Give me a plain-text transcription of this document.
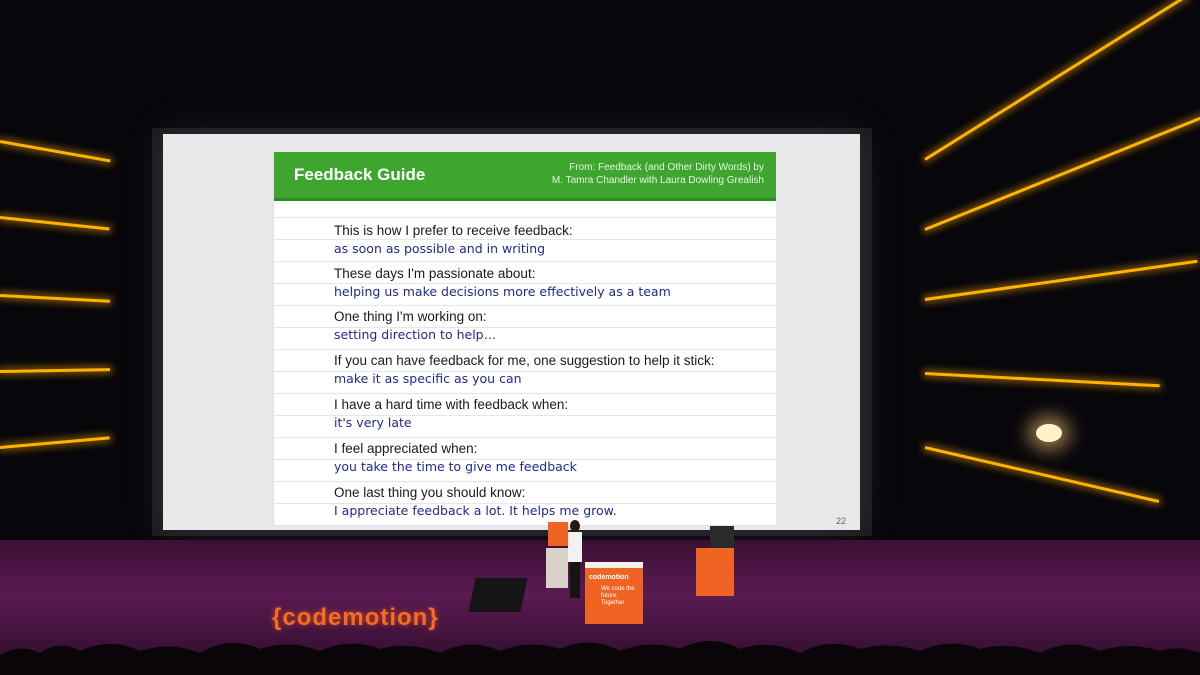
Feedback Guide	From: Feedback (and Other Dirty Words) by
M. Tamra Chandler with Laura Dowling Grealish
This is how I prefer to receive feedback:
as soon as possible and in writing
These days I'm passionate about:
helping us make decisions more effectively as a team
One thing I'm working on:
setting direction to help…
If you can have feedback for me, one suggestion to help it stick:
make it as specific as you can
I have a hard time with feedback when:
it's very late
I feel appreciated when:
you take the time to give me feedback
One last thing you should know:
I appreciate feedback a lot. It helps me grow.
22
codemotion
We code the future. Together
{codemotion}
